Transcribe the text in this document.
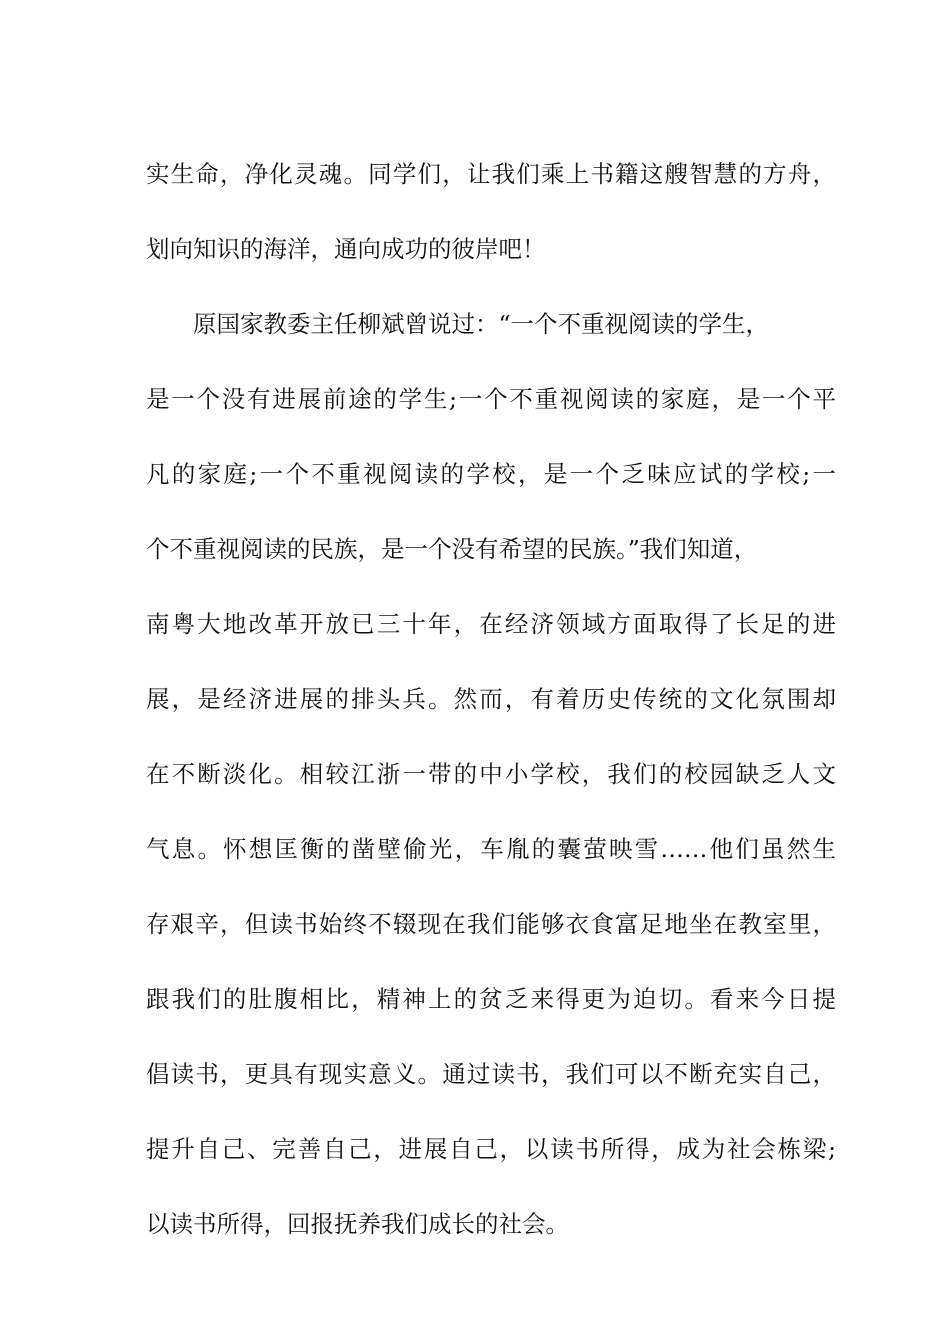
实生命，净化灵魂。同学们，让我们乘上书籍这艘智慧的方舟，
划向知识的海洋，通向成功的彼岸吧！
原国家教委主任柳斌曾说过：“一个不重视阅读的学生，
是一个没有进展前途的学生;一个不重视阅读的家庭，是一个平
凡的家庭;一个不重视阅读的学校，是一个乏味应试的学校;一
个不重视阅读的民族，是一个没有希望的民族。”我们知道，
南粤大地改革开放已三十年，在经济领域方面取得了长足的进
展，是经济进展的排头兵。然而，有着历史传统的文化氛围却
在不断淡化。相较江浙一带的中小学校，我们的校园缺乏人文
气息。怀想匡衡的凿壁偷光，车胤的囊萤映雪……他们虽然生
存艰辛，但读书始终不辍现在我们能够衣食富足地坐在教室里，
跟我们的肚腹相比，精神上的贫乏来得更为迫切。看来今日提
倡读书，更具有现实意义。通过读书，我们可以不断充实自己，
提升自己、完善自己，进展自己，以读书所得，成为社会栋梁;
以读书所得，回报抚养我们成长的社会。
